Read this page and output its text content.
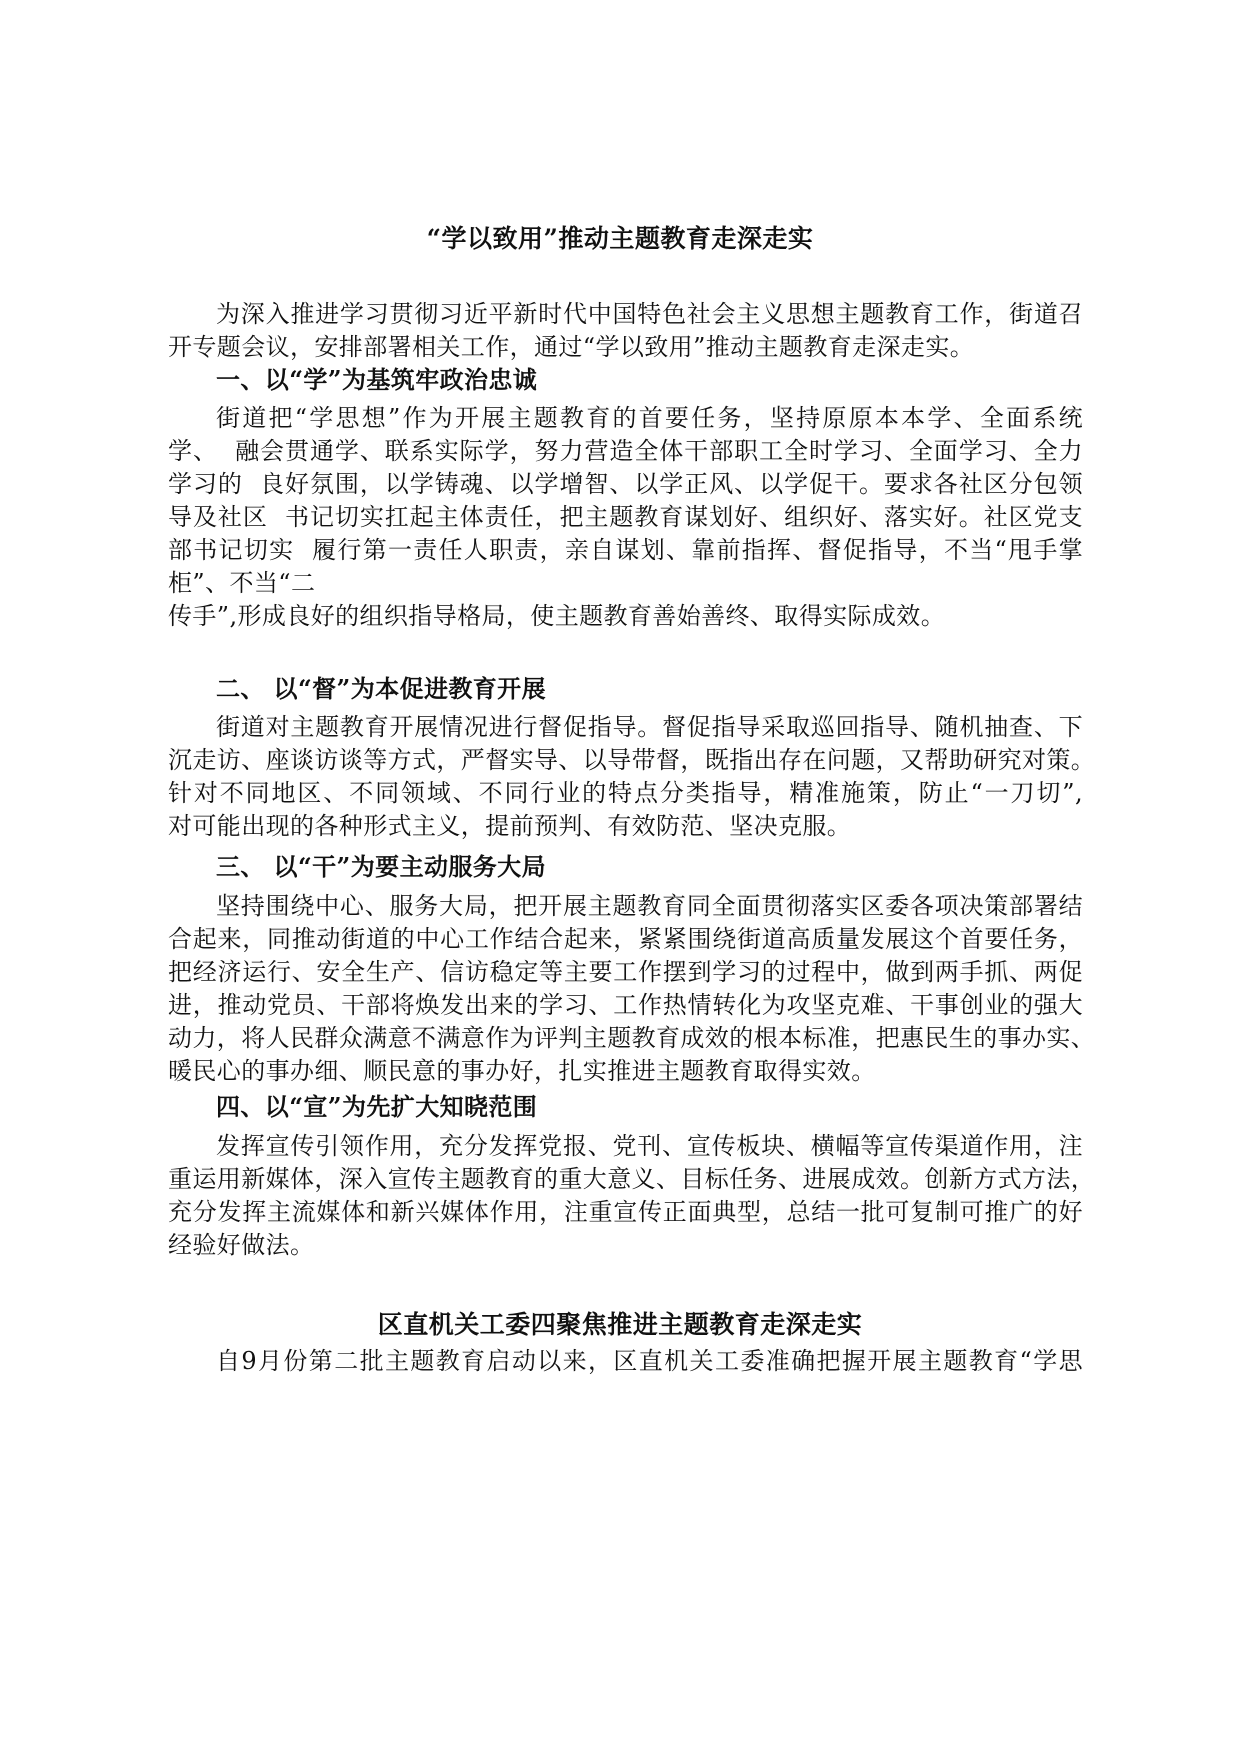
“学以致用”推动主题教育走深走实
为深入推进学习贯彻习近平新时代中国特色社会主义思想主题教育工作，街道召
开专题会议，安排部署相关工作，通过“学以致用”推动主题教育走深走实。
一、以“学”为基筑牢政治忠诚
街道把“学思想”作为开展主题教育的首要任务，坚持原原本本学、全面系统
学、  融会贯通学、联系实际学，努力营造全体干部职工全时学习、全面学习、全力
学习的  良好氛围，以学铸魂、以学增智、以学正风、以学促干。要求各社区分包领
导及社区  书记切实扛起主体责任，把主题教育谋划好、组织好、落实好。社区党支
部书记切实  履行第一责任人职责，亲自谋划、靠前指挥、督促指导，不当“甩手掌
柜”、不当“二
传手”,形成良好的组织指导格局，使主题教育善始善终、取得实际成效。
二、 以“督”为本促进教育开展
街道对主题教育开展情况进行督促指导。督促指导采取巡回指导、随机抽查、下
沉走访、座谈访谈等方式，严督实导、以导带督，既指出存在问题，又帮助研究对策。
针对不同地区、不同领域、不同行业的特点分类指导，精准施策，防止“一刀切”,
对可能出现的各种形式主义，提前预判、有效防范、坚决克服。
三、 以“干”为要主动服务大局
坚持围绕中心、服务大局，把开展主题教育同全面贯彻落实区委各项决策部署结
合起来，同推动街道的中心工作结合起来，紧紧围绕街道高质量发展这个首要任务，
把经济运行、安全生产、信访稳定等主要工作摆到学习的过程中，做到两手抓、两促
进，推动党员、干部将焕发出来的学习、工作热情转化为攻坚克难、干事创业的强大
动力，将人民群众满意不满意作为评判主题教育成效的根本标准，把惠民生的事办实、
暖民心的事办细、顺民意的事办好，扎实推进主题教育取得实效。
四、以“宣”为先扩大知晓范围
发挥宣传引领作用，充分发挥党报、党刊、宣传板块、横幅等宣传渠道作用，注
重运用新媒体，深入宣传主题教育的重大意义、目标任务、进展成效。创新方式方法，
充分发挥主流媒体和新兴媒体作用，注重宣传正面典型，总结一批可复制可推广的好
经验好做法。
区直机关工委四聚焦推进主题教育走深走实
自9月份第二批主题教育启动以来，区直机关工委准确把握开展主题教育“学思
